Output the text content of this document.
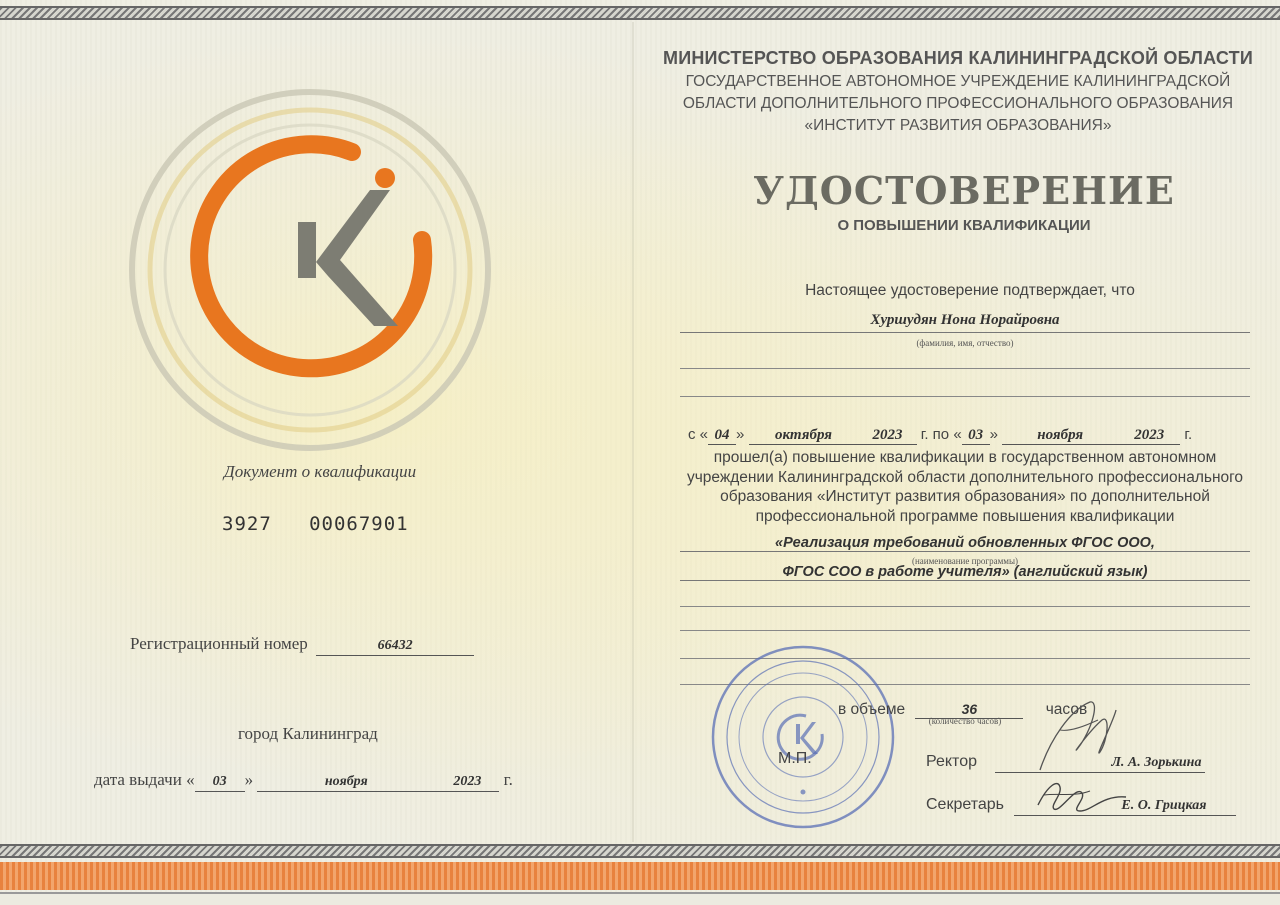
Документ о квалификации
3927 00067901
Регистрационный номер	66432
город Калининград
дата выдачи « 03 »	ноября	2023 г.
МИНИСТЕРСТВО ОБРАЗОВАНИЯ КАЛИНИНГРАДСКОЙ ОБЛАСТИ
ГОСУДАРСТВЕННОЕ АВТОНОМНОЕ УЧРЕЖДЕНИЕ КАЛИНИНГРАДСКОЙ
ОБЛАСТИ ДОПОЛНИТЕЛЬНОГО ПРОФЕССИОНАЛЬНОГО ОБРАЗОВАНИЯ
«ИНСТИТУТ РАЗВИТИЯ ОБРАЗОВАНИЯ»
УДОСТОВЕРЕНИЕ
О ПОВЫШЕНИИ КВАЛИФИКАЦИИ
Настоящее удостоверение подтверждает, что
Хуршудян Нона Норайровна
(фамилия, имя, отчество)
с « 04 » октября	2023 г. по « 03 »	ноября	2023 г.
прошел(а) повышение квалификации в государственном автономном
учреждении Калининградской области дополнительного профессионального
образования «Институт развития образования» по дополнительной
профессиональной программе повышения квалификации
«Реализация требований обновленных ФГОС ООО,
(наименование программы)
ФГОС СОО в работе учителя» (английский язык)
в объеме	36	часов
(количество часов)
М.П.	Ректор	Л. А. Зорькина
Секретарь	Е. О. Грицкая
